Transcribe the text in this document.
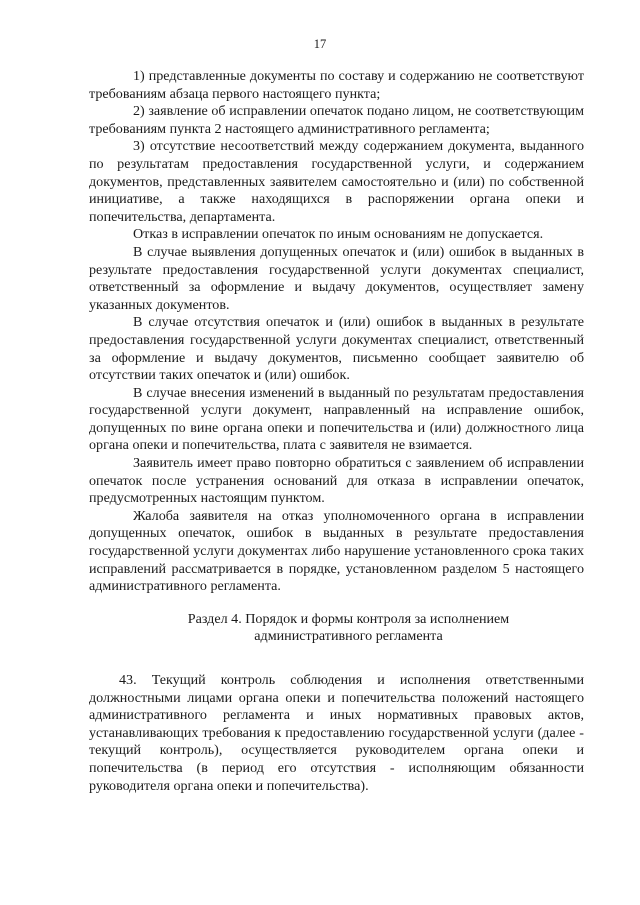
17

1) представленные документы по составу и содержанию не соответствуют требованиям абзаца первого настоящего пункта;

2) заявление об исправлении опечаток подано лицом, не соответствующим требованиям пункта 2 настоящего административного регламента;

3) отсутствие несоответствий между содержанием документа, выданного по результатам предоставления государственной услуги, и содержанием документов, представленных заявителем самостоятельно и (или) по собственной инициативе, а также находящихся в распоряжении органа опеки и попечительства, департамента.

Отказ в исправлении опечаток по иным основаниям не допускается.

В случае выявления допущенных опечаток и (или) ошибок в выданных в результате предоставления государственной услуги документах специалист, ответственный за оформление и выдачу документов, осуществляет замену указанных документов.

В случае отсутствия опечаток и (или) ошибок в выданных в результате предоставления государственной услуги документах специалист, ответственный за оформление и выдачу документов, письменно сообщает заявителю об отсутствии таких опечаток и (или) ошибок.

В случае внесения изменений в выданный по результатам предоставления государственной услуги документ, направленный на исправление ошибок, допущенных по вине органа опеки и попечительства и (или) должностного лица органа опеки и попечительства, плата с заявителя не взимается.

Заявитель имеет право повторно обратиться с заявлением об исправлении опечаток после устранения оснований для отказа в исправлении опечаток, предусмотренных настоящим пунктом.

Жалоба заявителя на отказ уполномоченного органа в исправлении допущенных опечаток, ошибок в выданных в результате предоставления государственной услуги документах либо нарушение установленного срока таких исправлений рассматривается в порядке, установленном разделом 5 настоящего административного регламента.

Раздел 4. Порядок и формы контроля за исполнением
административного регламента

43. Текущий контроль соблюдения и исполнения ответственными должностными лицами органа опеки и попечительства положений настоящего административного регламента и иных нормативных правовых актов, устанавливающих требования к предоставлению государственной услуги (далее - текущий контроль), осуществляется руководителем органа опеки и попечительства (в период его отсутствия - исполняющим обязанности руководителя органа опеки и попечительства).
